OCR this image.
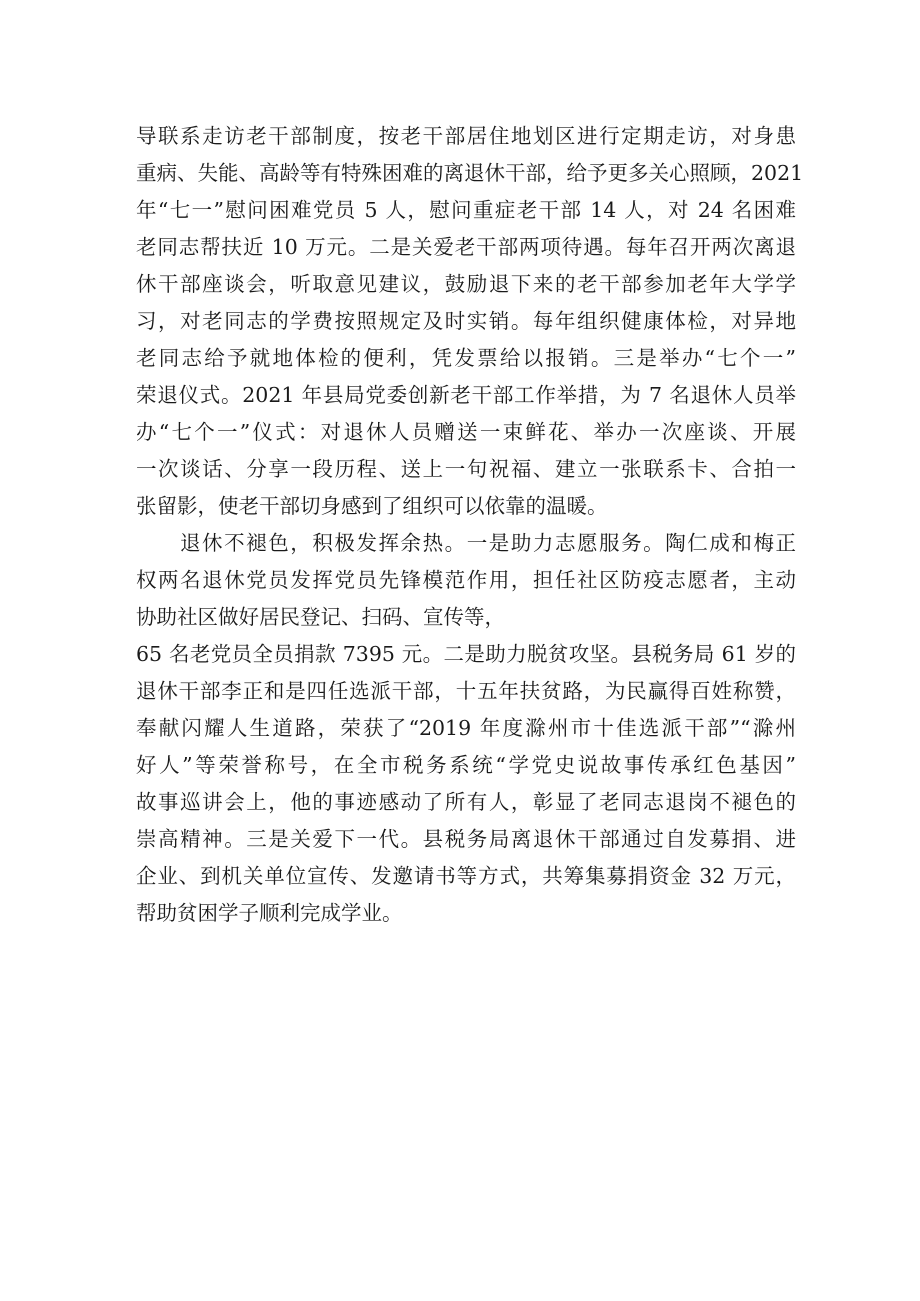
导联系走访老干部制度，按老干部居住地划区进行定期走访，对身患
重病、失能、高龄等有特殊困难的离退休干部，给予更多关心照顾，2021
年“七一”慰问困难党员 5 人，慰问重症老干部 14 人，对 24 名困难
老同志帮扶近 10 万元。二是关爱老干部两项待遇。每年召开两次离退
休干部座谈会，听取意见建议，鼓励退下来的老干部参加老年大学学
习，对老同志的学费按照规定及时实销。每年组织健康体检，对异地
老同志给予就地体检的便利，凭发票给以报销。三是举办“七个一”
荣退仪式。2021 年县局党委创新老干部工作举措，为 7 名退休人员举
办“七个一”仪式：对退休人员赠送一束鲜花、举办一次座谈、开展
一次谈话、分享一段历程、送上一句祝福、建立一张联系卡、合拍一
张留影，使老干部切身感到了组织可以依靠的温暖。
退休不褪色，积极发挥余热。一是助力志愿服务。陶仁成和梅正
权两名退休党员发挥党员先锋模范作用，担任社区防疫志愿者，主动
协助社区做好居民登记、扫码、宣传等，
65 名老党员全员捐款 7395 元。二是助力脱贫攻坚。县税务局 61 岁的
退休干部李正和是四任选派干部，十五年扶贫路，为民赢得百姓称赞，
奉献闪耀人生道路，荣获了“2019 年度滁州市十佳选派干部”“滁州
好人”等荣誉称号，在全市税务系统“学党史说故事传承红色基因”
故事巡讲会上，他的事迹感动了所有人，彰显了老同志退岗不褪色的
崇高精神。三是关爱下一代。县税务局离退休干部通过自发募捐、进
企业、到机关单位宣传、发邀请书等方式，共筹集募捐资金 32 万元，
帮助贫困学子顺利完成学业。
